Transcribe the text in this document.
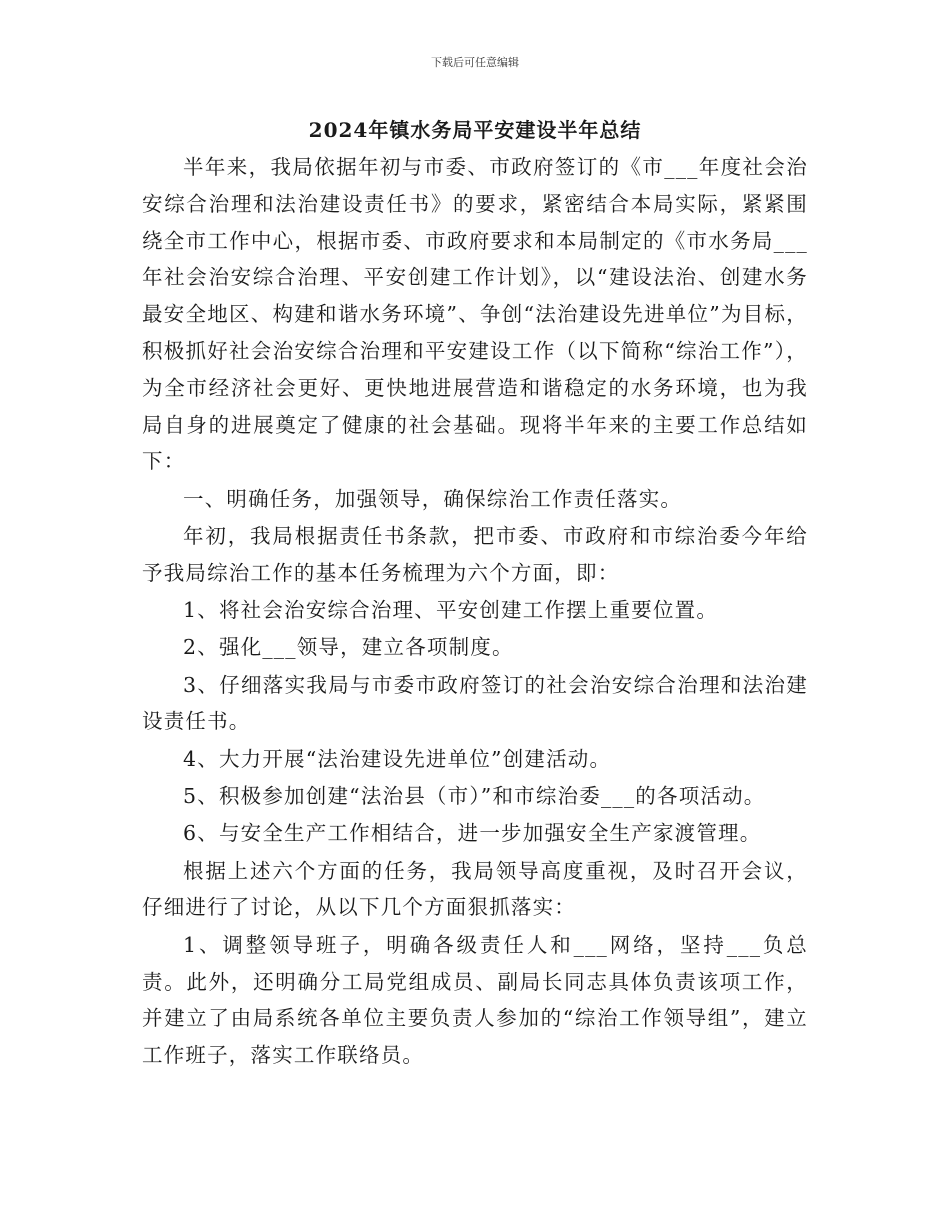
下载后可任意编辑
2024年镇水务局平安建设半年总结

半年来，我局依据年初与市委、市政府签订的《市___年度社会治安综合治理和法治建设责任书》的要求，紧密结合本局实际，紧紧围绕全市工作中心，根据市委、市政府要求和本局制定的《市水务局___年社会治安综合治理、平安创建工作计划》，以“建设法治、创建水务最安全地区、构建和谐水务环境”、争创“法治建设先进单位”为目标，积极抓好社会治安综合治理和平安建设工作（以下简称“综治工作”），为全市经济社会更好、更快地进展营造和谐稳定的水务环境，也为我局自身的进展奠定了健康的社会基础。现将半年来的主要工作总结如下：

一、明确任务，加强领导，确保综治工作责任落实。

年初，我局根据责任书条款，把市委、市政府和市综治委今年给予我局综治工作的基本任务梳理为六个方面，即：

1、将社会治安综合治理、平安创建工作摆上重要位置。

2、强化___领导，建立各项制度。

3、仔细落实我局与市委市政府签订的社会治安综合治理和法治建设责任书。

4、大力开展“法治建设先进单位”创建活动。

5、积极参加创建“法治县（市）”和市综治委___的各项活动。

6、与安全生产工作相结合，进一步加强安全生产家渡管理。

根据上述六个方面的任务，我局领导高度重视，及时召开会议，仔细进行了讨论，从以下几个方面狠抓落实：

1、调整领导班子，明确各级责任人和___网络，坚持___负总责。此外，还明确分工局党组成员、副局长同志具体负责该项工作，并建立了由局系统各单位主要负责人参加的“综治工作领导组”，建立工作班子，落实工作联络员。
